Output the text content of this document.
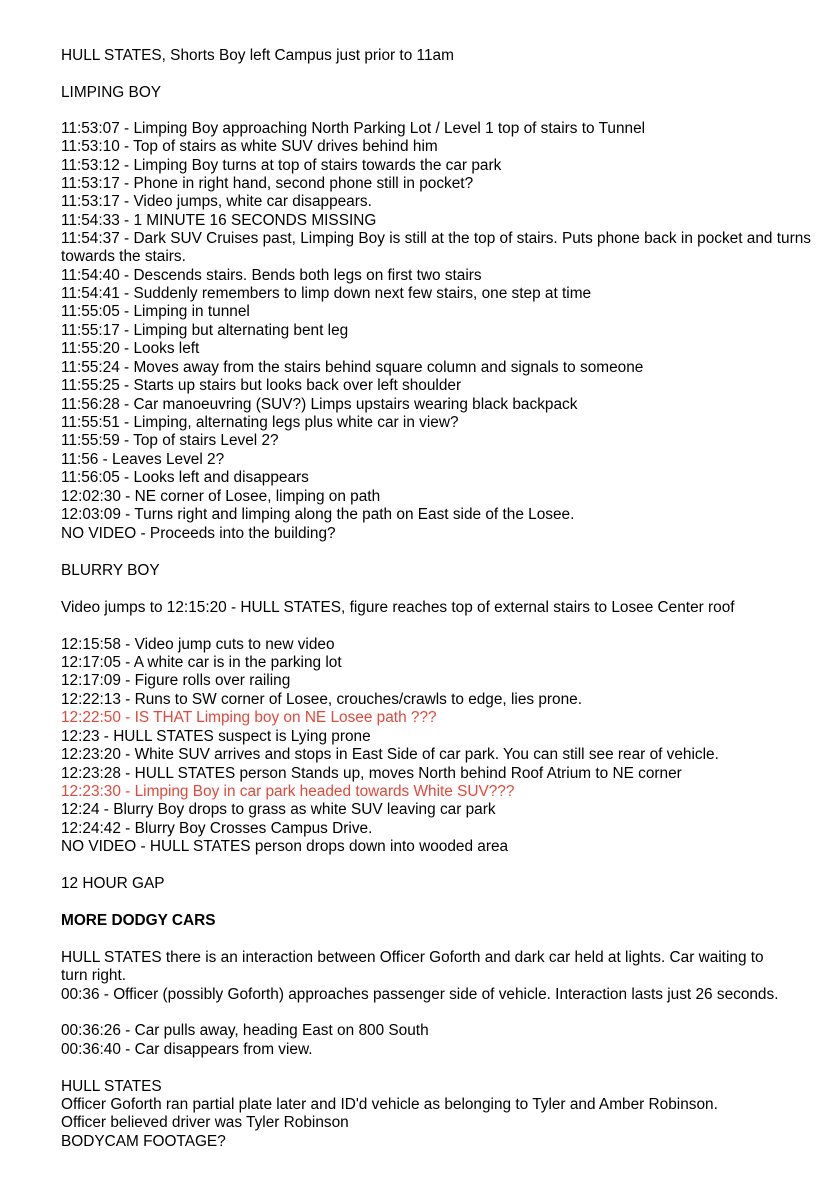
HULL STATES, Shorts Boy left Campus just prior to 11am
LIMPING BOY
11:53:07 - Limping Boy approaching North Parking Lot / Level 1 top of stairs to Tunnel
11:53:10 - Top of stairs as white SUV drives behind him
11:53:12 - Limping Boy turns at top of stairs towards the car park
11:53:17 - Phone in right hand, second phone still in pocket?
11:53:17 - Video jumps, white car disappears.
11:54:33 - 1 MINUTE 16 SECONDS MISSING
11:54:37 - Dark SUV Cruises past, Limping Boy is still at the top of stairs. Puts phone back in pocket and turns towards the stairs.
11:54:40 - Descends stairs. Bends both legs on first two stairs
11:54:41 - Suddenly remembers to limp down next few stairs, one step at time
11:55:05 - Limping in tunnel
11:55:17 - Limping but alternating bent leg
11:55:20 - Looks left
11:55:24 - Moves away from the stairs behind square column and signals to someone
11:55:25 - Starts up stairs but looks back over left shoulder
11:56:28 - Car manoeuvring (SUV?) Limps upstairs wearing black backpack
11:55:51 - Limping, alternating legs plus white car in view?
11:55:59 - Top of stairs Level 2?
11:56 - Leaves Level 2?
11:56:05 - Looks left and disappears
12:02:30 - NE corner of Losee, limping on path
12:03:09 - Turns right and limping along the path on East side of the Losee.
NO VIDEO - Proceeds into the building?
BLURRY BOY
Video jumps to 12:15:20 - HULL STATES, figure reaches top of external stairs to Losee Center roof
12:15:58 - Video jump cuts to new video
12:17:05 - A white car is in the parking lot
12:17:09 - Figure rolls over railing
12:22:13 - Runs to SW corner of Losee, crouches/crawls to edge, lies prone.
12:22:50 - IS THAT Limping boy on NE Losee path ???
12:23 - HULL STATES suspect is Lying prone
12:23:20 - White SUV arrives and stops in East Side of car park. You can still see rear of vehicle.
12:23:28 - HULL STATES person Stands up, moves North behind Roof Atrium to NE corner
12:23:30 - Limping Boy in car park headed towards White SUV???
12:24 - Blurry Boy drops to grass as white SUV leaving car park
12:24:42 - Blurry Boy Crosses Campus Drive.
NO VIDEO - HULL STATES person drops down into wooded area
12 HOUR GAP
MORE DODGY CARS
HULL STATES there is an interaction between Officer Goforth and dark car held at lights. Car waiting to turn right.
00:36 - Officer (possibly Goforth) approaches passenger side of vehicle. Interaction lasts just 26 seconds.
00:36:26 - Car pulls away, heading East on 800 South
00:36:40 - Car disappears from view.
HULL STATES
Officer Goforth ran partial plate later and ID'd vehicle as belonging to Tyler and Amber Robinson. Officer believed driver was Tyler Robinson
BODYCAM FOOTAGE?
